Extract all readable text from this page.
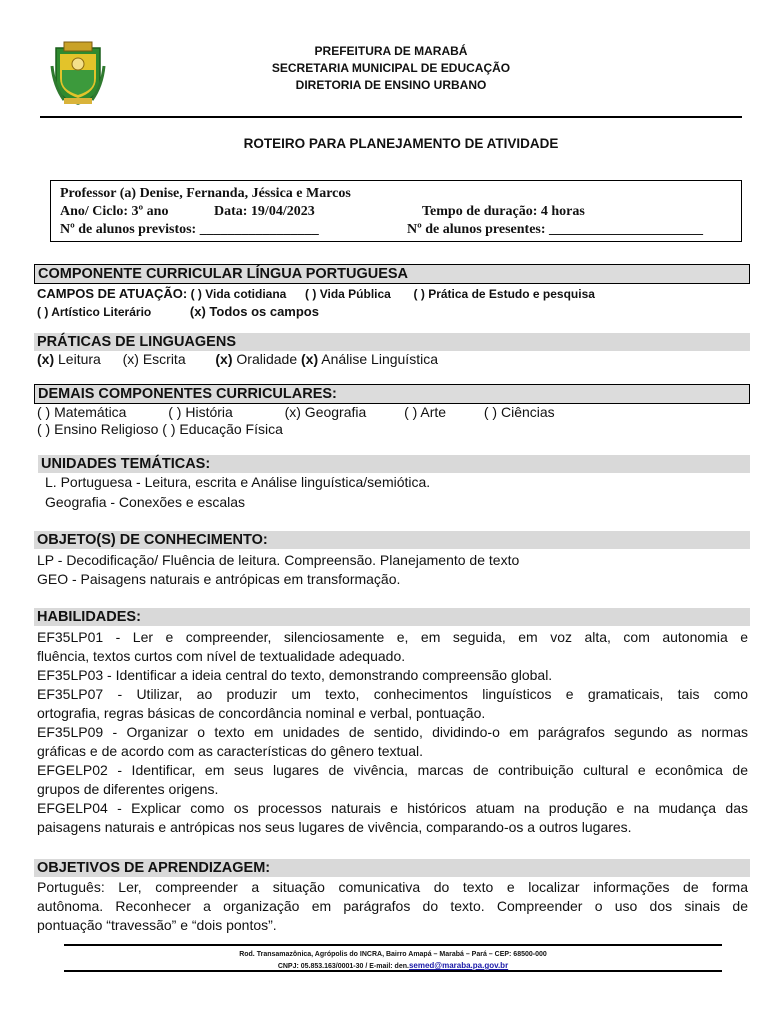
PREFEITURA DE MARABÁ
SECRETARIA MUNICIPAL DE EDUCAÇÃO
DIRETORIA DE ENSINO URBANO
ROTEIRO PARA PLANEJAMENTO DE ATIVIDADE
Professor (a) Denise, Fernanda, Jéssica e Marcos
Ano/ Ciclo: 3º ano	Data: 19/04/2023	Tempo de duração: 4 horas
Nº de alunos previstos: _________________	Nº de alunos presentes: ______________________
COMPONENTE CURRICULAR LÍNGUA PORTUGUESA
CAMPOS DE ATUAÇÃO: ( ) Vida cotidiana ( ) Vida Pública ( ) Prática de Estudo e pesquisa
( ) Artístico Literário	(x) Todos os campos
PRÁTICAS DE LINGUAGENS
(x) Leitura (x) Escrita (x) Oralidade (x) Análise Linguística
DEMAIS COMPONENTES CURRICULARES:
( ) Matemática	( ) História	(x) Geografia	( ) Arte	( ) Ciências
( ) Ensino Religioso ( ) Educação Física
UNIDADES TEMÁTICAS:
L. Portuguesa - Leitura, escrita e Análise linguística/semiótica.
Geografia - Conexões e escalas
OBJETO(S) DE CONHECIMENTO:
LP - Decodificação/ Fluência de leitura. Compreensão. Planejamento de texto
GEO - Paisagens naturais e antrópicas em transformação.
HABILIDADES:
EF35LP01 - Ler e compreender, silenciosamente e, em seguida, em voz alta, com autonomia e
fluência, textos curtos com nível de textualidade adequado.
EF35LP03 - Identificar a ideia central do texto, demonstrando compreensão global.
EF35LP07 - Utilizar, ao produzir um texto, conhecimentos linguísticos e gramaticais, tais como
ortografia, regras básicas de concordância nominal e verbal, pontuação.
EF35LP09 - Organizar o texto em unidades de sentido, dividindo-o em parágrafos segundo as normas
gráficas e de acordo com as características do gênero textual.
EFGELP02 - Identificar, em seus lugares de vivência, marcas de contribuição cultural e econômica de
grupos de diferentes origens.
EFGELP04 - Explicar como os processos naturais e históricos atuam na produção e na mudança das
paisagens naturais e antrópicas nos seus lugares de vivência, comparando-os a outros lugares.
OBJETIVOS DE APRENDIZAGEM:
Português: Ler, compreender a situação comunicativa do texto e localizar informações de forma
autônoma. Reconhecer a organização em parágrafos do texto. Compreender o uso dos sinais de
pontuação “travessão” e “dois pontos”.
Rod. Transamazônica, Agrópolis do INCRA, Bairro Amapá – Marabá – Pará – CEP: 68500-000
CNPJ: 05.853.163/0001-30 / E-mail: den.semed@maraba.pa.gov.br
